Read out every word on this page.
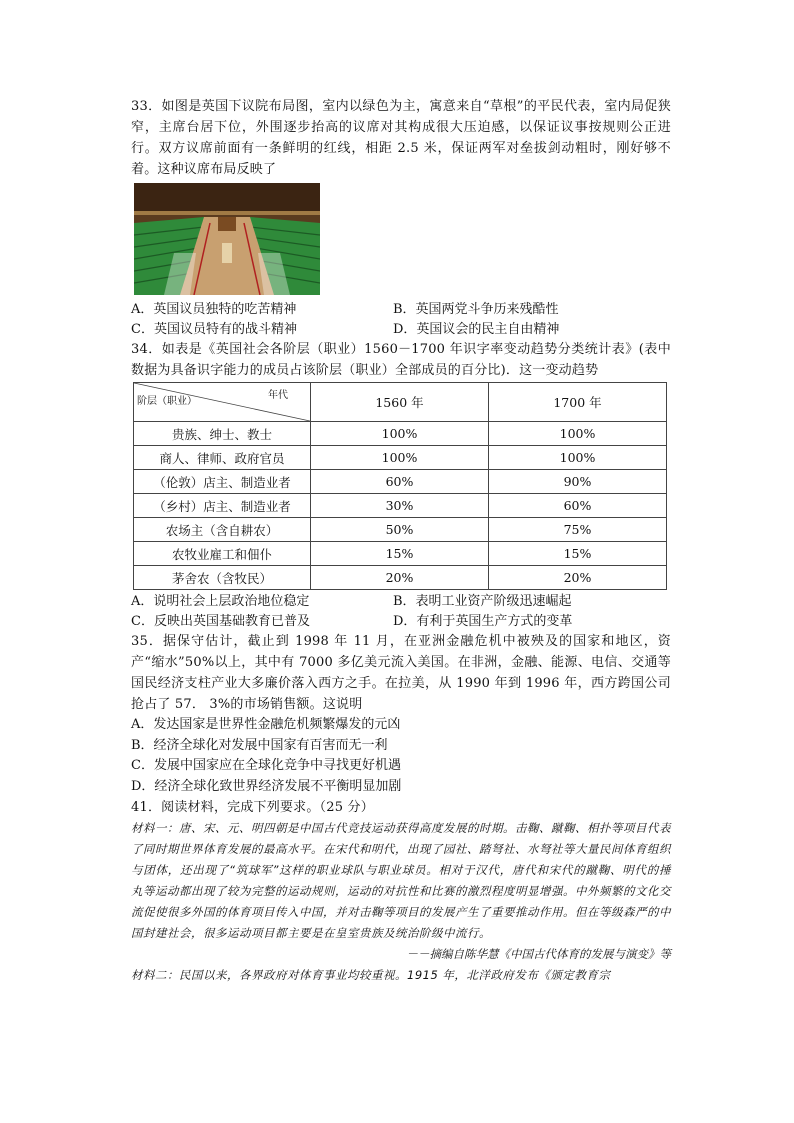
33．如图是英国下议院布局图，室内以绿色为主，寓意来自“草根”的平民代表，室内局促狭窄，主席台居下位，外围逐步抬高的议席对其构成很大压迫感，以保证议事按规则公正进行。双方议席前面有一条鲜明的红线，相距 2.5 米，保证两军对垒拔剑动粗时，刚好够不着。这种议席布局反映了

A．英国议员独特的吃苦精神	B．英国两党斗争历来残酷性
C．英国议员特有的战斗精神	D．英国议会的民主自由精神

34．如表是《英国社会各阶层（职业）1560－1700 年识字率变动趋势分类统计表》(表中数据为具备识字能力的成员占该阶层（职业）全部成员的百分比)．这一变动趋势

年代
阶层（职业）	1560 年	1700 年
贵族、绅士、教士	100%	100%
商人、律师、政府官员	100%	100%
（伦敦）店主、制造业者	60%	90%
（乡村）店主、制造业者	30%	60%
农场主（含自耕农）	50%	75%
农牧业雇工和佃仆	15%	15%
茅舍农（含牧民）	20%	20%
A．说明社会上层政治地位稳定	B．表明工业资产阶级迅速崛起
C．反映出英国基础教育已普及	D．有利于英国生产方式的变革

35．据保守估计，截止到 1998 年 11 月，在亚洲金融危机中被殃及的国家和地区，资产“缩水”50%以上，其中有 7000 多亿美元流入美国。在非洲，金融、能源、电信、交通等国民经济支柱产业大多廉价落入西方之手。在拉美，从 1990 年到 1996 年，西方跨国公司抢占了 57． 3%的市场销售额。这说明

A．发达国家是世界性金融危机频繁爆发的元凶
B．经济全球化对发展中国家有百害而无一利
C．发展中国家应在全球化竞争中寻找更好机遇
D．经济全球化致世界经济发展不平衡明显加剧

41．阅读材料，完成下列要求。（25 分）

材料一：唐、宋、元、明四朝是中国古代竞技运动获得高度发展的时期。击鞠、蹴鞠、相扑等项目代表了同时期世界体育发展的最高水平。在宋代和明代，出现了园社、踏弩社、水弩社等大量民间体育组织与团体，还出现了“筑球军”这样的职业球队与职业球员。相对于汉代，唐代和宋代的蹴鞠、明代的捶丸等运动都出现了较为完整的运动规则，运动的对抗性和比赛的激烈程度明显增强。中外频繁的文化交流促使很多外国的体育项目传入中国，并对击鞠等项目的发展产生了重要推动作用。但在等级森严的中国封建社会，很多运动项目都主要是在皇室贵族及统治阶级中流行。

－－摘编自陈华慧《中国古代体育的发展与演变》等

材料二：民国以来，各界政府对体育事业均较重视。1915 年，北洋政府发布《颁定教育宗
